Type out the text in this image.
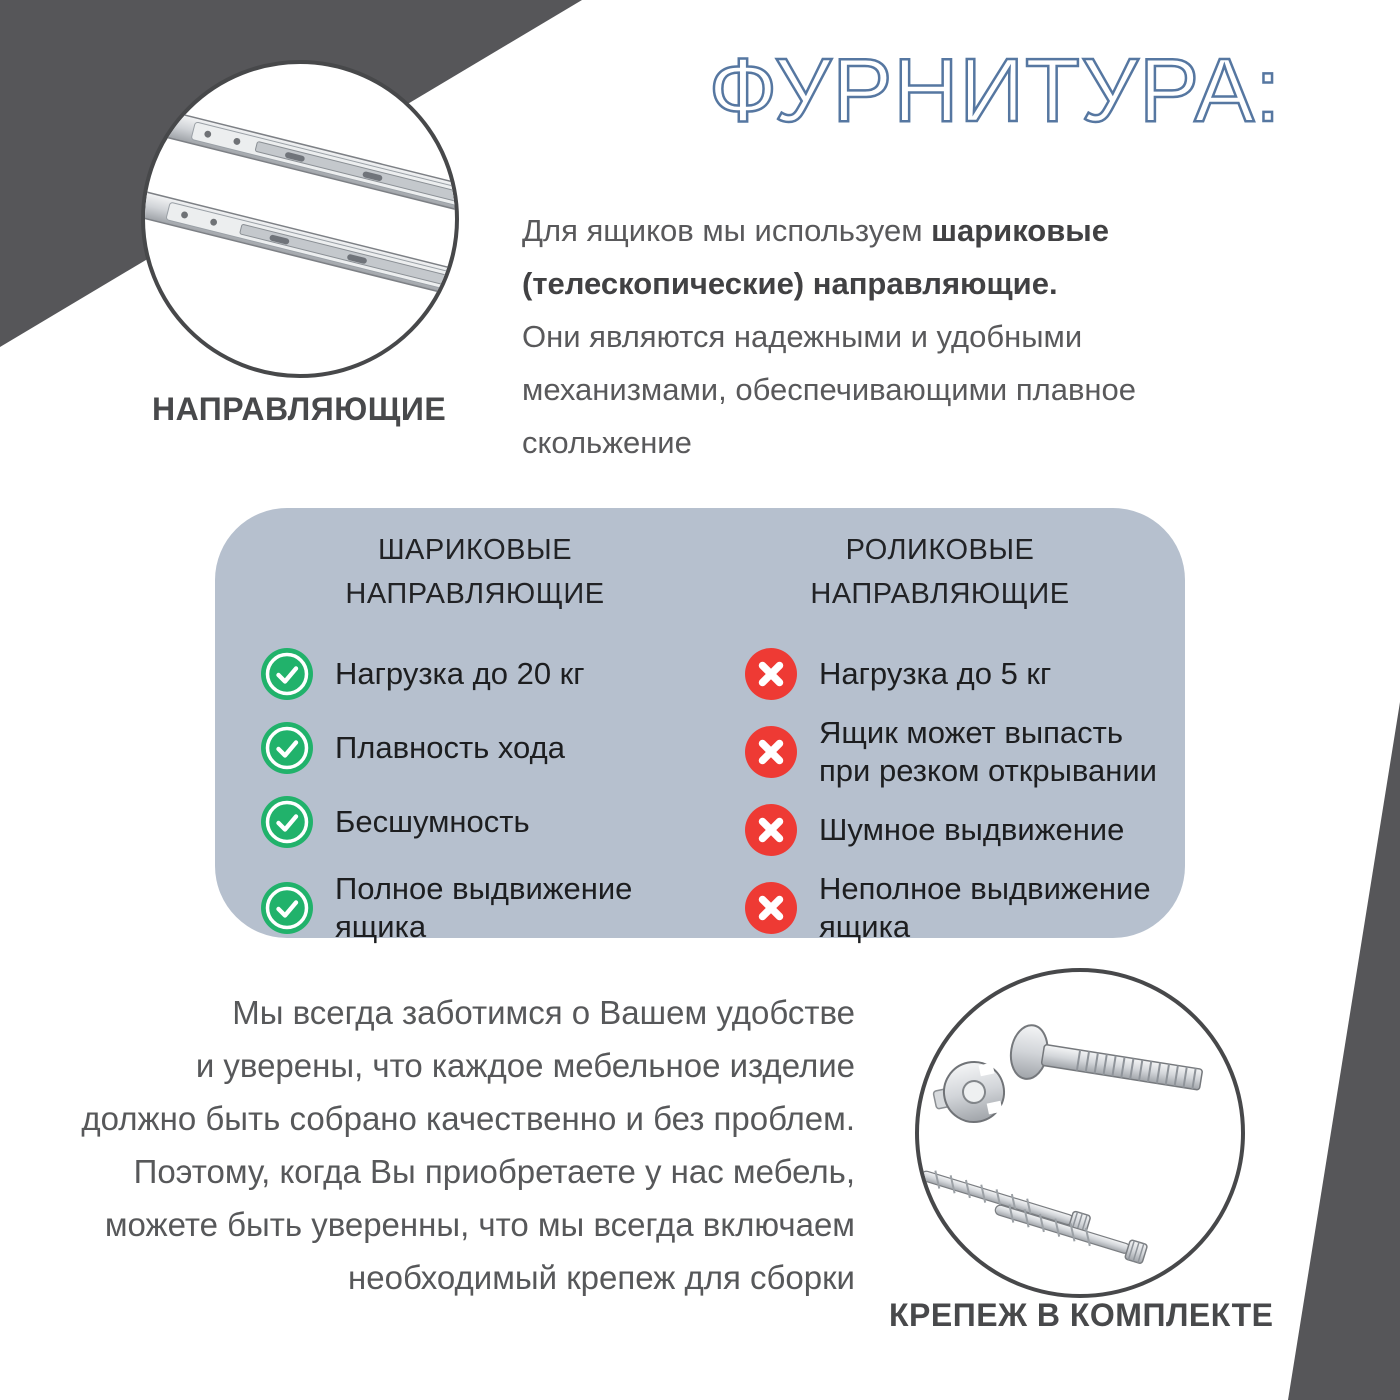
НАПРАВЛЯЮЩИЕ
ФУРНИТУРА:
Для ящиков мы используем шариковые
(телескопические) направляющие.
Они являются надежными и удобными
механизмами, обеспечивающими плавное
скольжение
ШАРИКОВЫЕ
НАПРАВЛЯЮЩИЕ
Нагрузка до 20 кг
Плавность хода
Бесшумность
Полное выдвижение ящика
РОЛИКОВЫЕ
НАПРАВЛЯЮЩИЕ
Нагрузка до 5 кг
Ящик может выпасть при резком открывании
Шумное выдвижение
Неполное выдвижение ящика
Мы всегда заботимся о Вашем удобстве
и уверены, что каждое мебельное изделие
должно быть собрано качественно и без проблем.
Поэтому, когда Вы приобретаете у нас мебель,
можете быть уверенны, что мы всегда включаем
необходимый крепеж для сборки
КРЕПЕЖ В КОМПЛЕКТЕ
